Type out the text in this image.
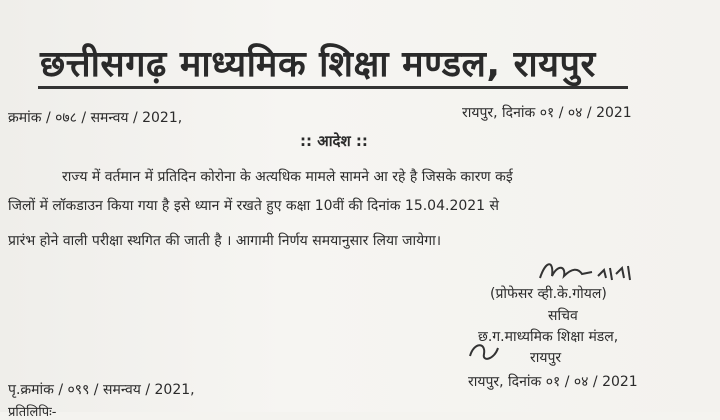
छत्तीसगढ़ माध्यमिक शिक्षा मण्डल, रायपुर
क्रमांक / ०७८ / समन्वय / 2021,	रायपुर, दिनांक ०१ / ०४ / 2021
:: आदेश ::
राज्य में वर्तमान में प्रतिदिन कोरोना के अत्यधिक मामले सामने आ रहे है जिसके कारण कई
जिलों में लॉकडाउन किया गया है इसे ध्यान में रखते हुए कक्षा 10वीं की दिनांक 15.04.2021 से
प्रारंभ होने वाली परीक्षा स्थगित की जाती है । आगामी निर्णय समयानुसार लिया जायेगा।
(प्रोफेसर व्ही.के.गोयल)
सचिव
छ.ग.माध्यमिक शिक्षा मंडल,
रायपुर
पृ.क्रमांक / ०९९ / समन्वय / 2021,	रायपुर, दिनांक ०१ / ०४ / 2021
प्रतिलिपिः-
